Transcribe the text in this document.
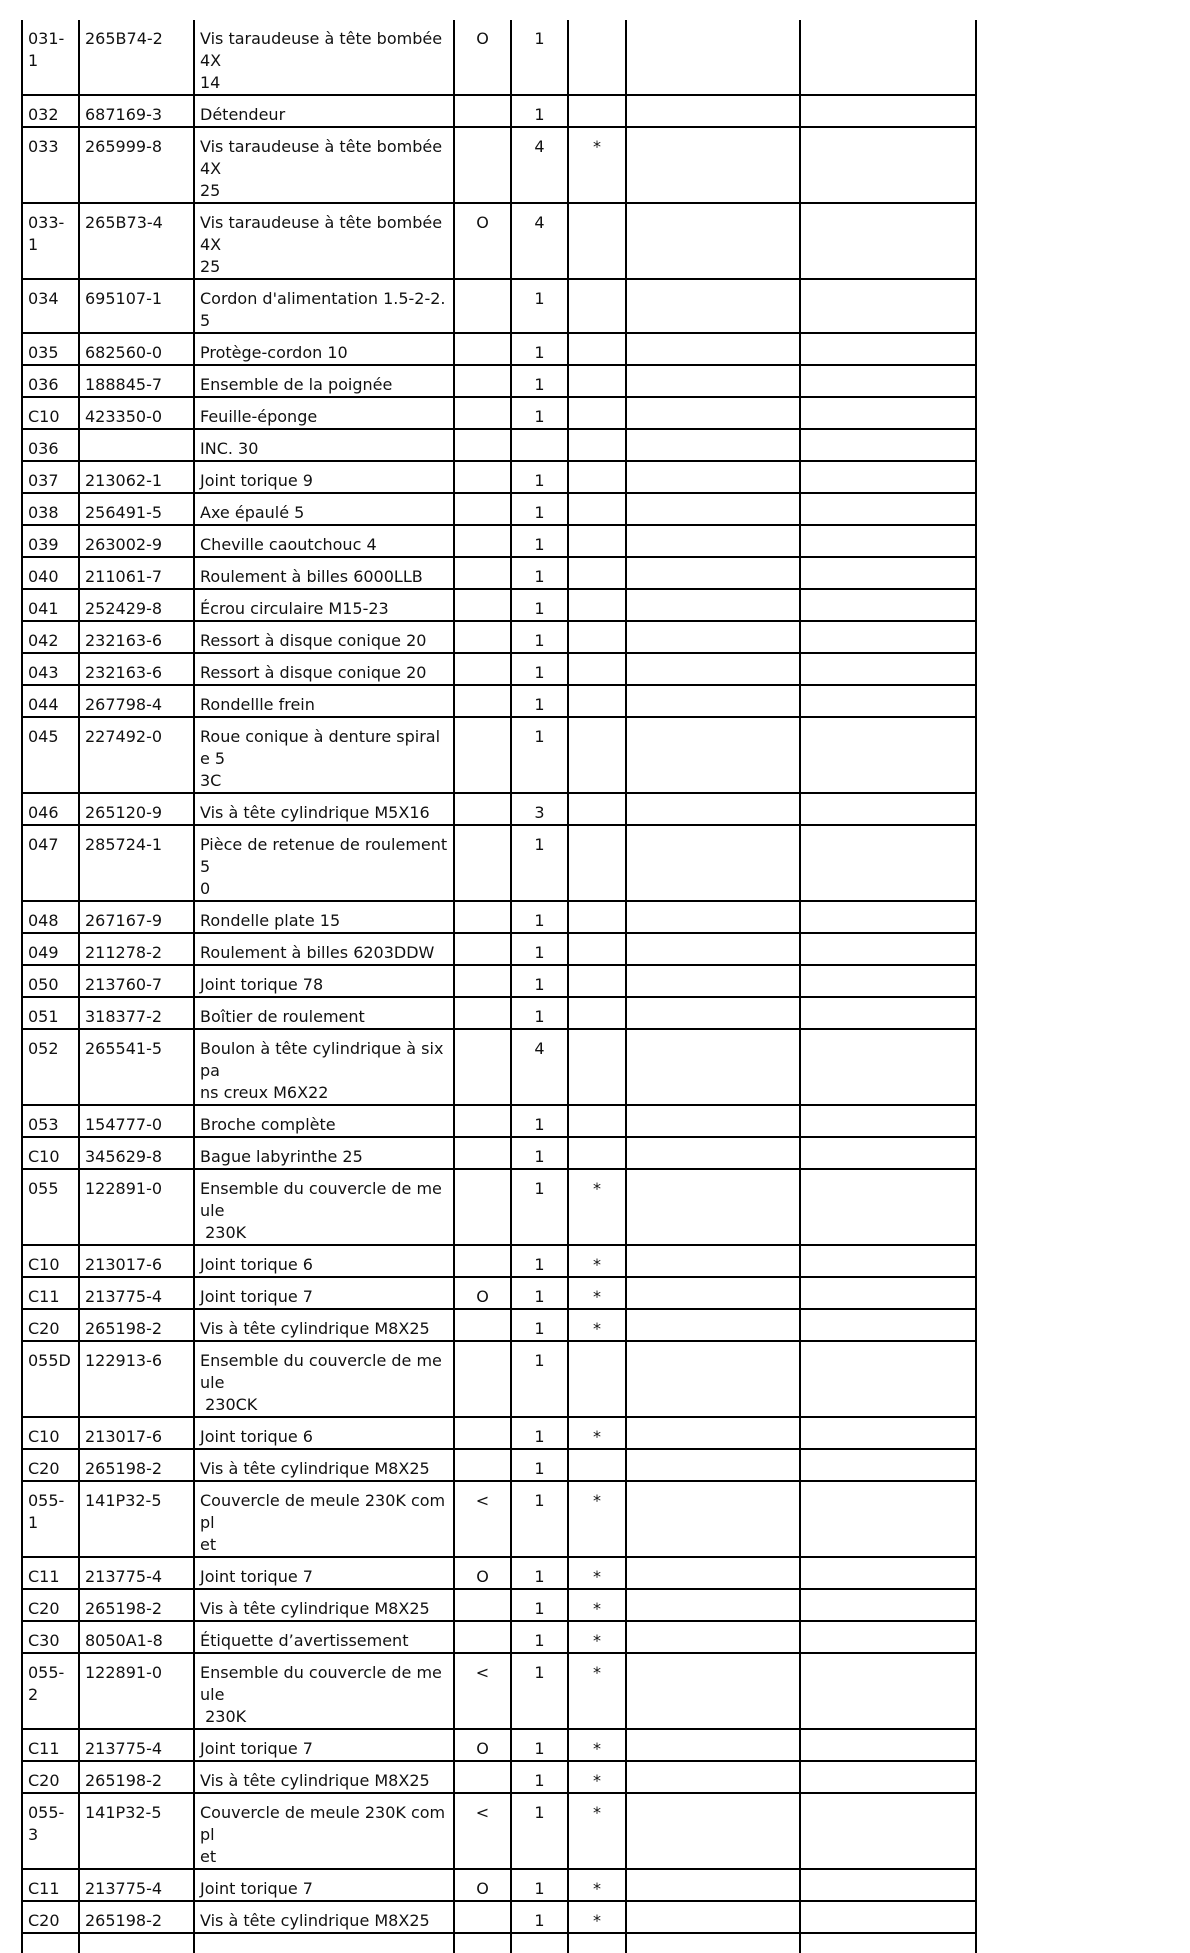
031-1	265B74-2	Vis taraudeuse à tête bombée 4X
14	O	1			
032	687169-3	Détendeur		1			
033	265999-8	Vis taraudeuse à tête bombée 4X
25		4	*		
033-1	265B73-4	Vis taraudeuse à tête bombée 4X
25	O	4			
034	695107-1	Cordon d'alimentation 1.5-2-2.5		1			
035	682560-0	Protège-cordon 10		1			
036	188845-7	Ensemble de la poignée		1			
C10	423350-0	Feuille-éponge		1			
036		INC. 30					
037	213062-1	Joint torique 9		1			
038	256491-5	Axe épaulé 5		1			
039	263002-9	Cheville caoutchouc 4		1			
040	211061-7	Roulement à billes 6000LLB		1			
041	252429-8	Écrou circulaire M15-23		1			
042	232163-6	Ressort à disque conique 20		1			
043	232163-6	Ressort à disque conique 20		1			
044	267798-4	Rondellle frein		1			
045	227492-0	Roue conique à denture spirale 5
3C		1			
046	265120-9	Vis à tête cylindrique M5X16		3			
047	285724-1	Pièce de retenue de roulement 5
0		1			
048	267167-9	Rondelle plate 15		1			
049	211278-2	Roulement à billes 6203DDW		1			
050	213760-7	Joint torique 78		1			
051	318377-2	Boîtier de roulement		1			
052	265541-5	Boulon à tête cylindrique à six pa
ns creux M6X22		4			
053	154777-0	Broche complète		1			
C10	345629-8	Bague labyrinthe 25		1			
055	122891-0	Ensemble du couvercle de meule
230K		1	*		
C10	213017-6	Joint torique 6		1	*		
C11	213775-4	Joint torique 7	O	1	*		
C20	265198-2	Vis à tête cylindrique M8X25		1	*		
055D	122913-6	Ensemble du couvercle de meule
230CK		1			
C10	213017-6	Joint torique 6		1	*		
C20	265198-2	Vis à tête cylindrique M8X25		1			
055-1	141P32-5	Couvercle de meule 230K compl
et	<	1	*		
C11	213775-4	Joint torique 7	O	1	*		
C20	265198-2	Vis à tête cylindrique M8X25		1	*		
C30	8050A1-8	Étiquette d’avertissement		1	*		
055-2	122891-0	Ensemble du couvercle de meule
230K	<	1	*		
C11	213775-4	Joint torique 7	O	1	*		
C20	265198-2	Vis à tête cylindrique M8X25		1	*		
055-3	141P32-5	Couvercle de meule 230K compl
et	<	1	*		
C11	213775-4	Joint torique 7	O	1	*		
C20	265198-2	Vis à tête cylindrique M8X25		1	*		
